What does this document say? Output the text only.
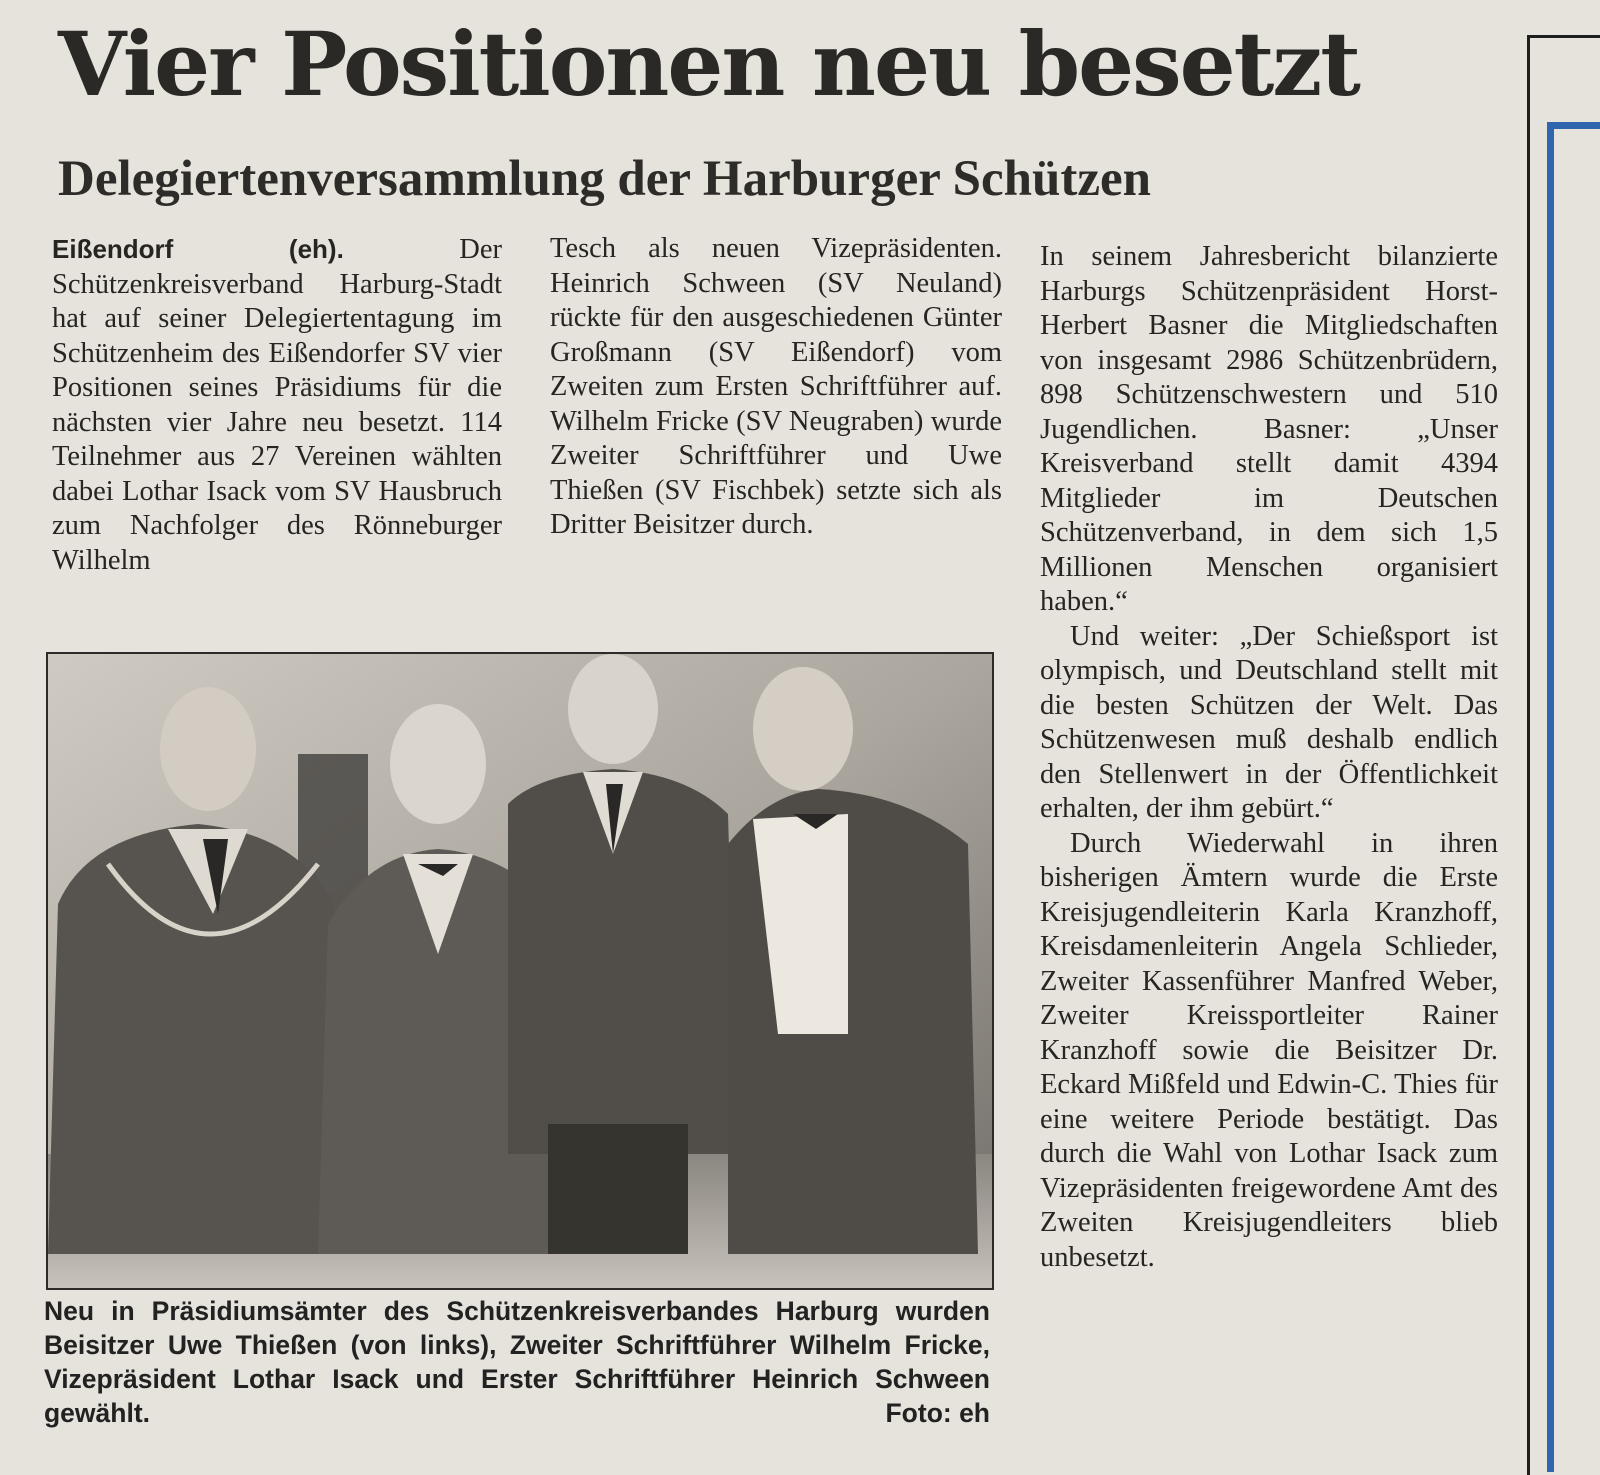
Vier Positionen neu besetzt
Delegiertenversammlung der Harburger Schützen

Eißendorf (eh). Der Schützenkreisverband Harburg-Stadt hat auf seiner Delegiertentagung im Schützenheim des Eißendorfer SV vier Positionen seines Präsidiums für die nächsten vier Jahre neu besetzt. 114 Teilnehmer aus 27 Vereinen wählten dabei Lothar Isack vom SV Hausbruch zum Nachfolger des Rönneburger Wilhelm

Tesch als neuen Vizepräsidenten. Heinrich Schween (SV Neuland) rückte für den ausgeschiedenen Günter Großmann (SV Eißendorf) vom Zweiten zum Ersten Schriftführer auf. Wilhelm Fricke (SV Neugraben) wurde Zweiter Schriftführer und Uwe Thießen (SV Fischbek) setzte sich als Dritter Beisitzer durch.

In seinem Jahresbericht bilanzierte Harburgs Schützenpräsident Horst-Herbert Basner die Mitgliedschaften von insgesamt 2986 Schützenbrüdern, 898 Schützenschwestern und 510 Jugendlichen. Basner: „Unser Kreisverband stellt damit 4394 Mitglieder im Deutschen Schützenverband, in dem sich 1,5 Millionen Menschen organisiert haben.“

Und weiter: „Der Schießsport ist olympisch, und Deutschland stellt mit die besten Schützen der Welt. Das Schützenwesen muß deshalb endlich den Stellenwert in der Öffentlichkeit erhalten, der ihm gebürt.“

Durch Wiederwahl in ihren bisherigen Ämtern wurde die Erste Kreisjugendleiterin Karla Kranzhoff, Kreisdamenleiterin Angela Schlieder, Zweiter Kassenführer Manfred Weber, Zweiter Kreissportleiter Rainer Kranzhoff sowie die Beisitzer Dr. Eckard Mißfeld und Edwin-C. Thies für eine weitere Periode bestätigt. Das durch die Wahl von Lothar Isack zum Vizepräsidenten freigewordene Amt des Zweiten Kreisjugendleiters blieb unbesetzt.

Neu in Präsidiumsämter des Schützenkreisverbandes Harburg wurden Beisitzer Uwe Thießen (von links), Zweiter Schriftführer Wilhelm Fricke, Vizepräsident Lothar Isack und Erster Schriftführer Heinrich Schween gewählt.	Foto: eh
